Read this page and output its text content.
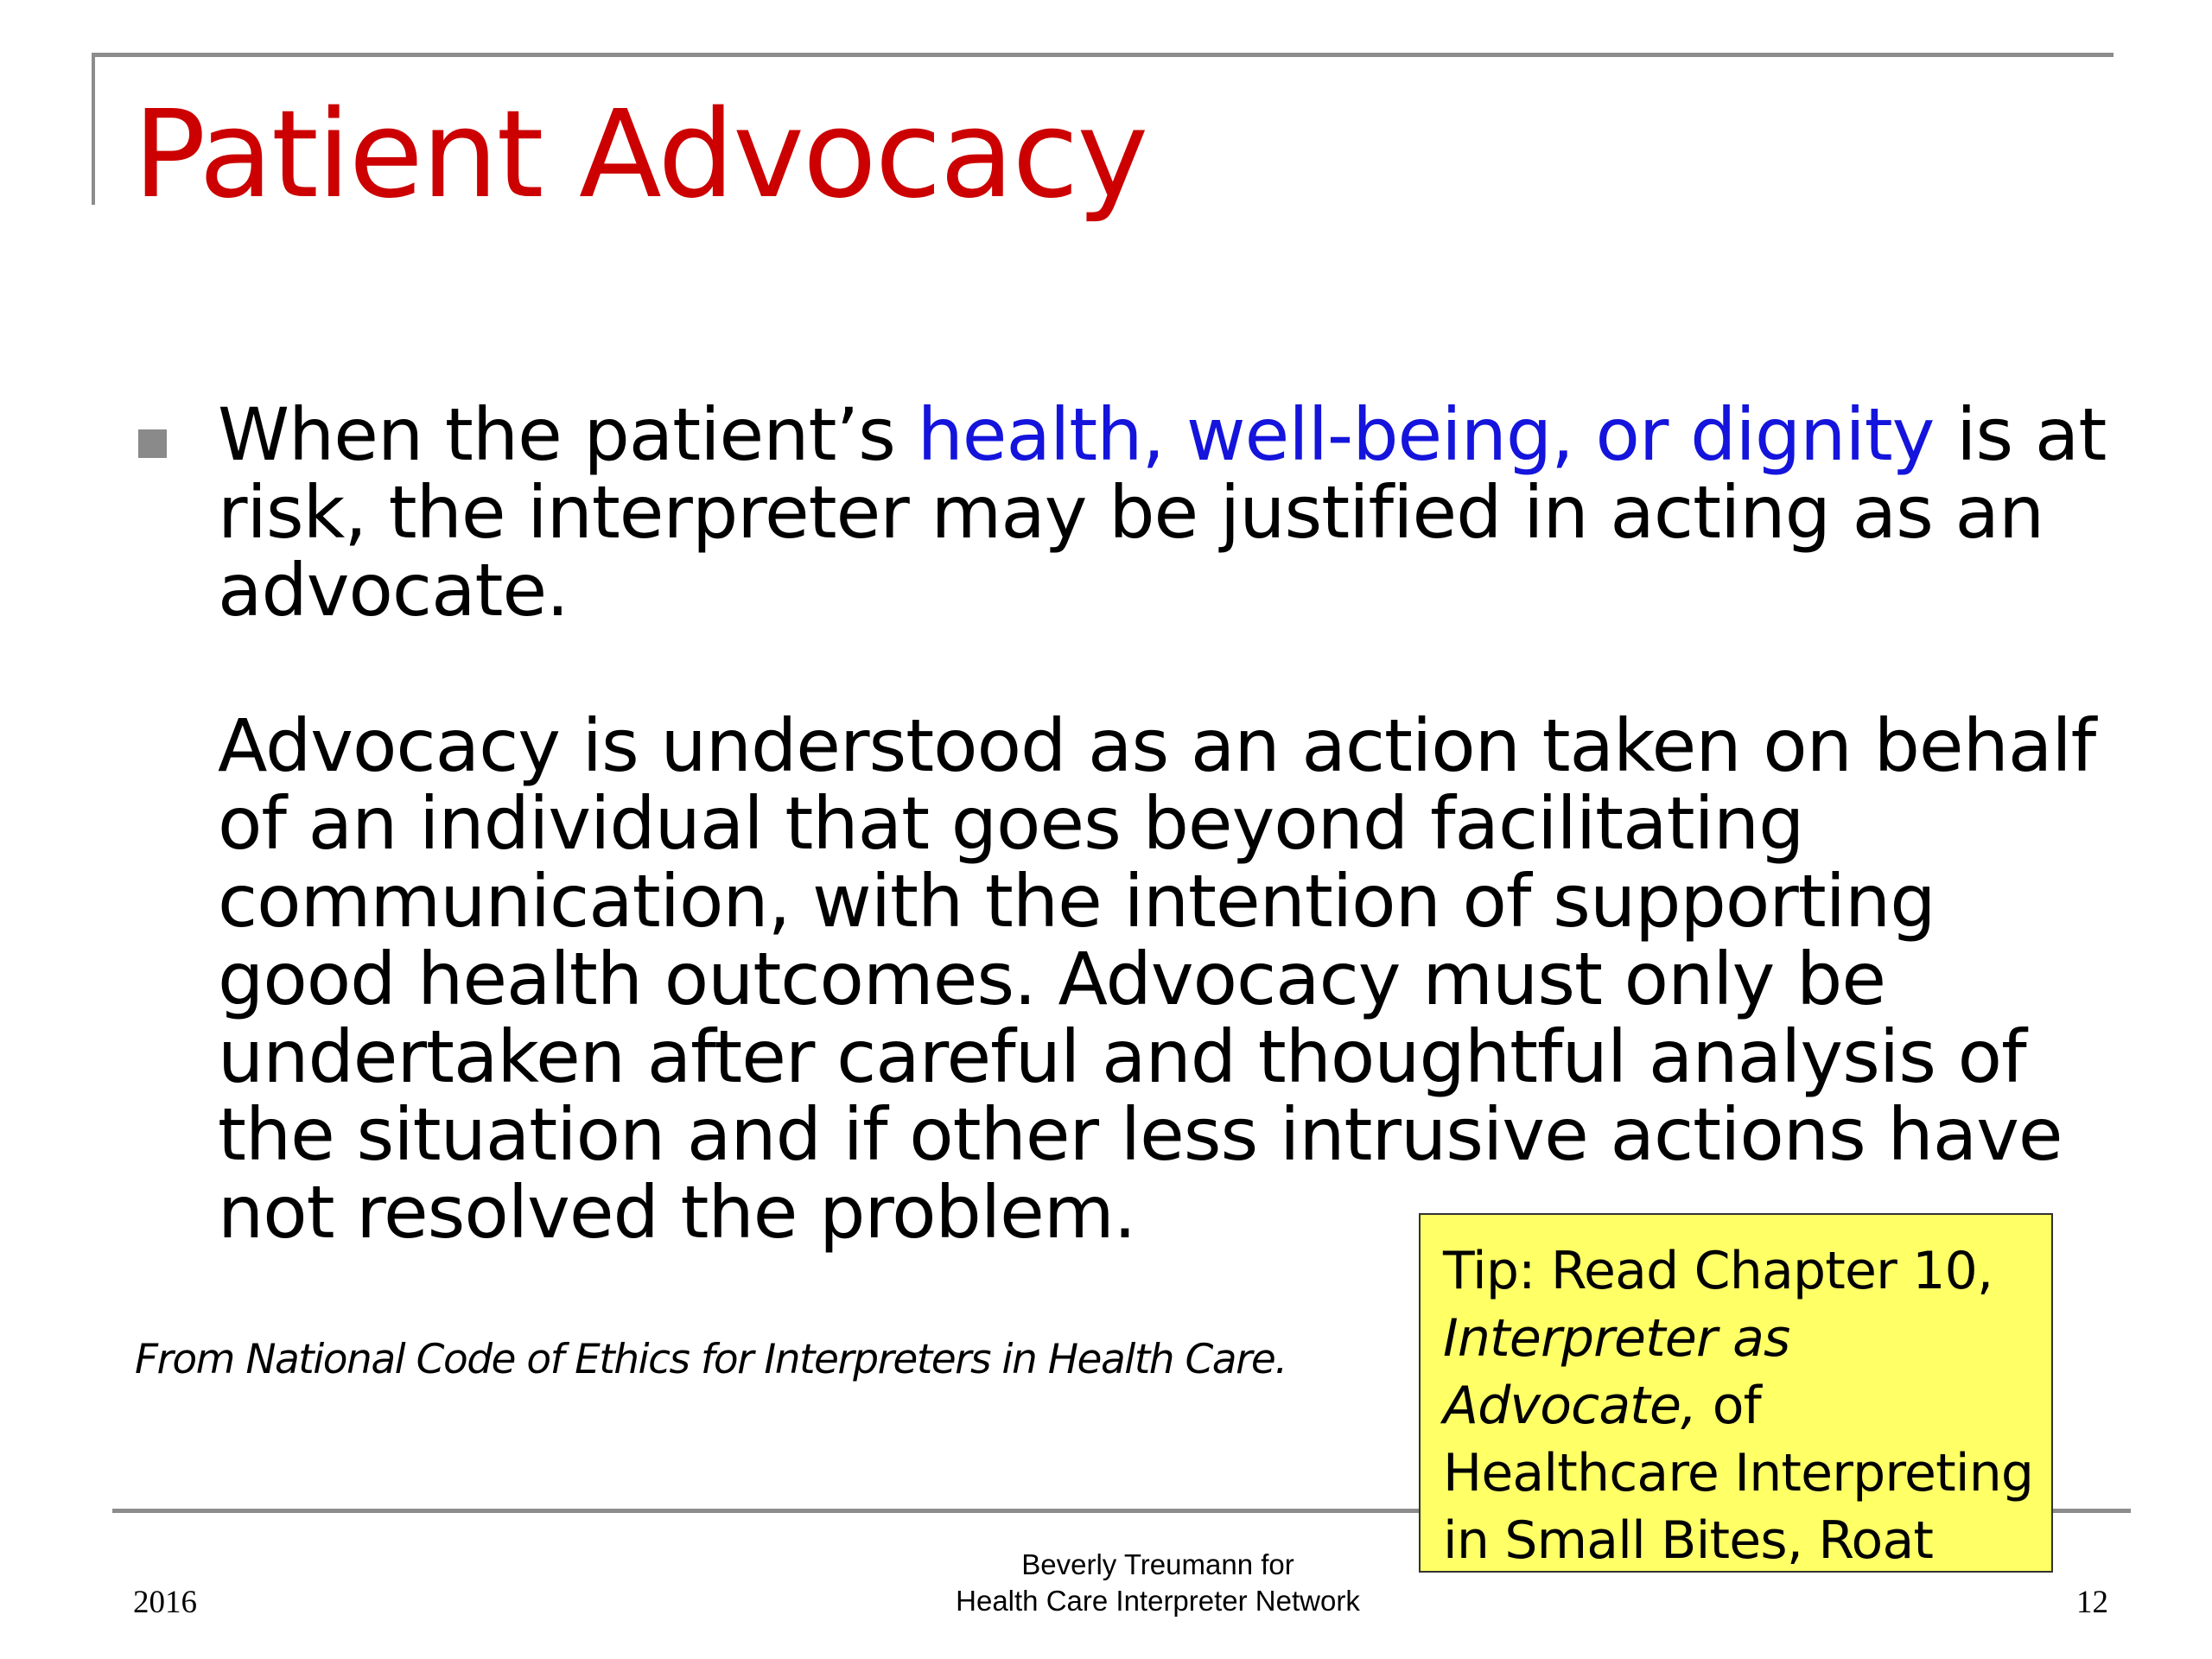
Patient Advocacy

When the patient’s health, well-being, or dignity is at risk, the interpreter may be justified in acting as an advocate.

Advocacy is understood as an action taken on behalf of an individual that goes beyond facilitating communication, with the intention of supporting good health outcomes. Advocacy must only be undertaken after careful and thoughtful analysis of the situation and if other less intrusive actions have not resolved the problem.

From National Code of Ethics for Interpreters in Health Care.

Tip: Read Chapter 10,
Interpreter as
Advocate, of
Healthcare Interpreting
in Small Bites, Roat
2016
Beverly Treumann for
Health Care Interpreter Network	12
